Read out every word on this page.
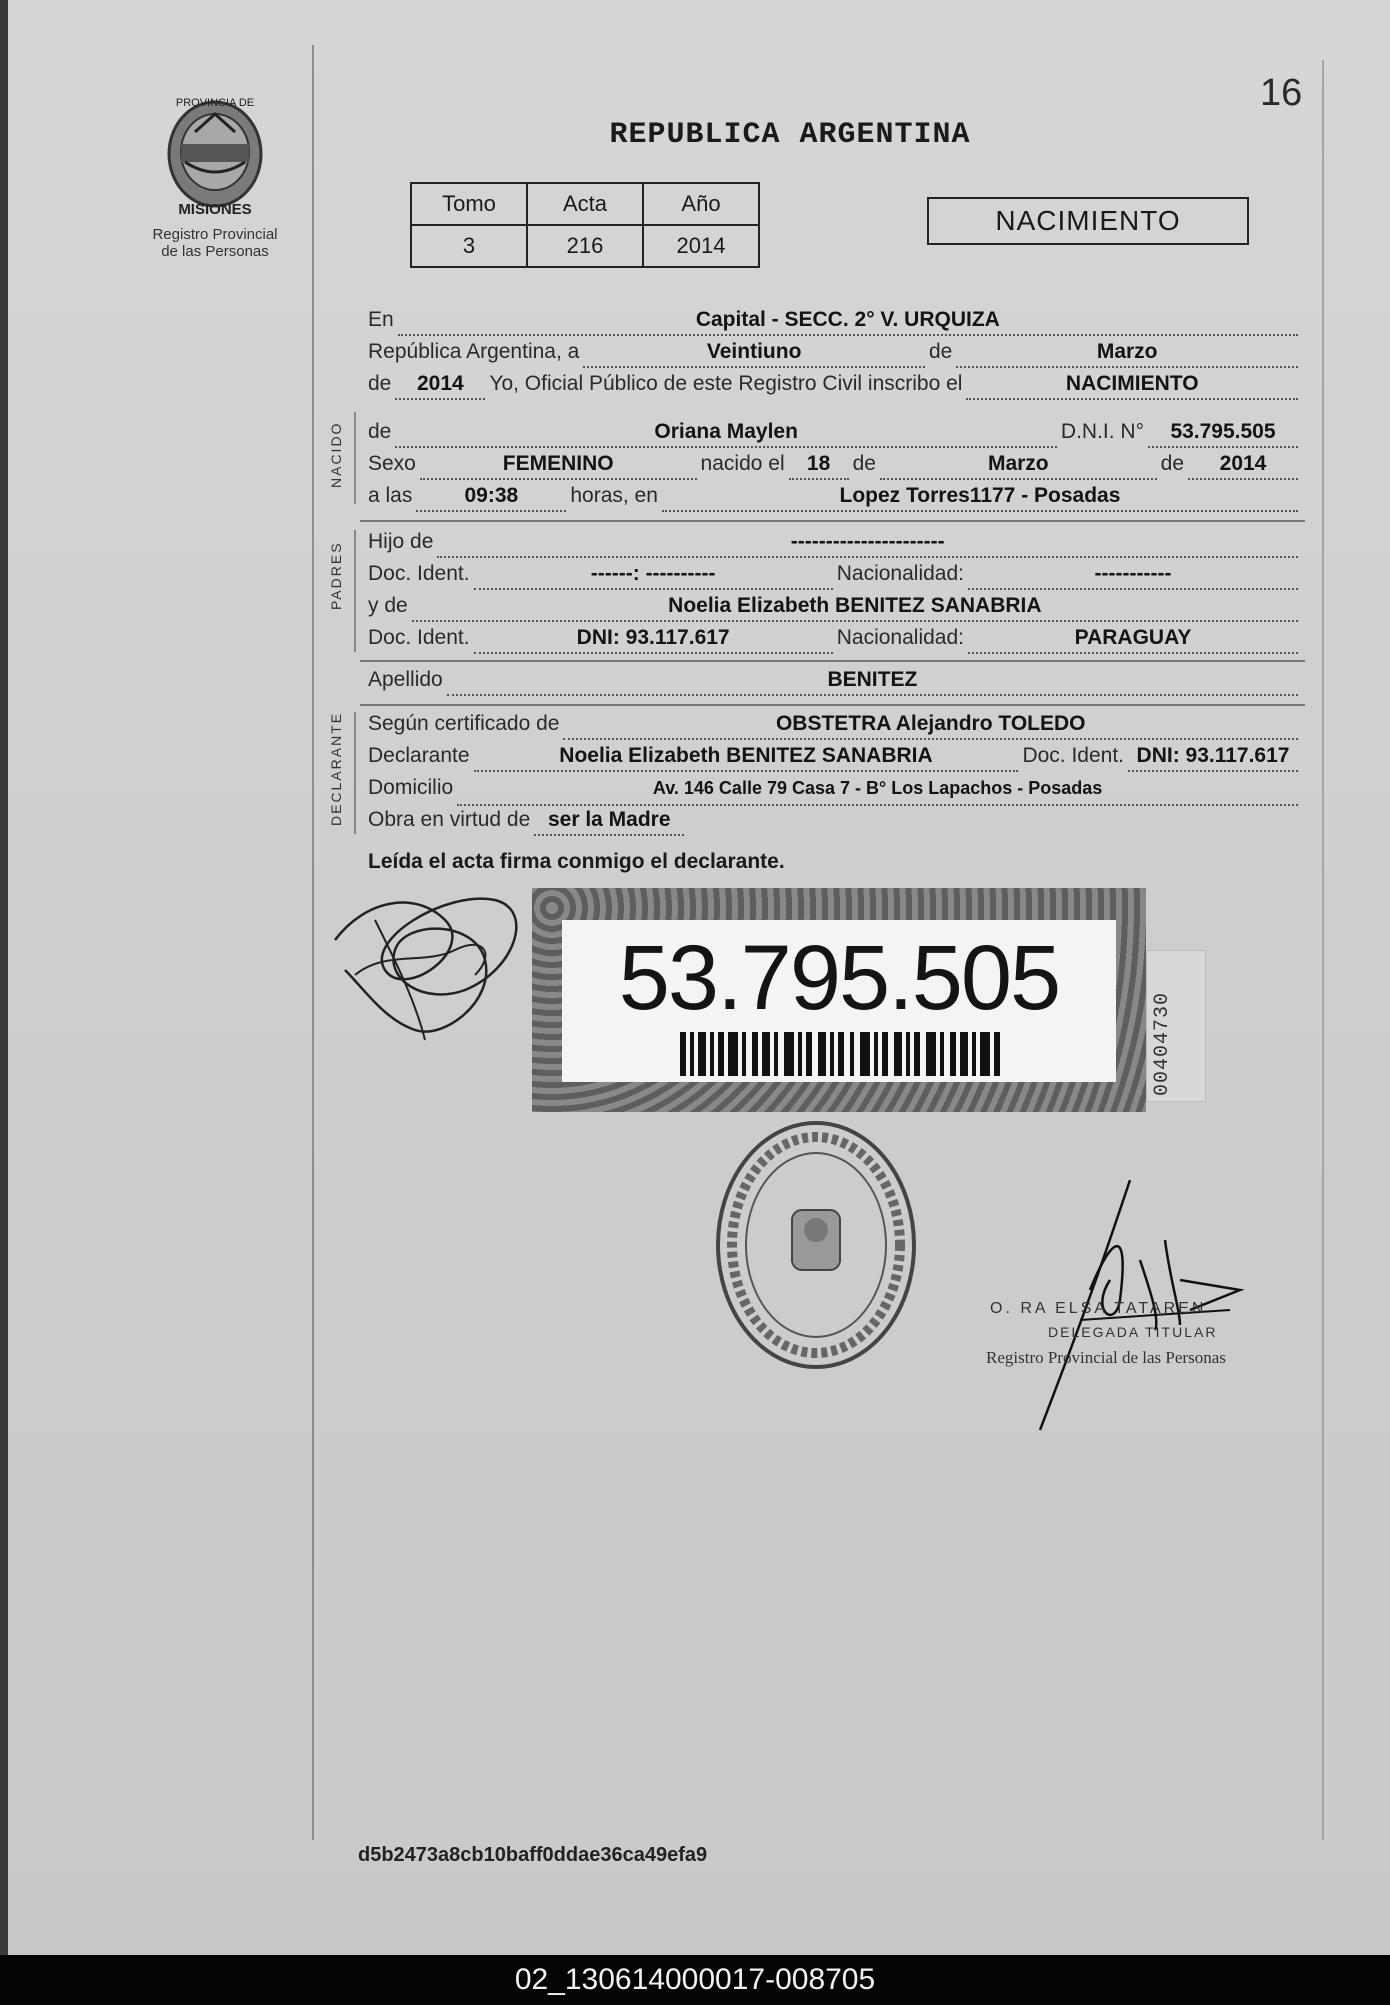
PROVINCIA DE
MISIONES
Registro Provincial
de las Personas
16
REPUBLICA ARGENTINA
Tomo	Acta	Año
3	216	2014
NACIMIENTO
En	Capital - SECC. 2° V. URQUIZA
República Argentina, a	Veintiuno	de	Marzo
de	2014	Yo, Oficial Público de este Registro Civil inscribo el	NACIMIENTO
NACIDO de	Oriana Maylen	D.N.I. N°	53.795.505
Sexo	FEMENINO	nacido el	18	de	Marzo	de	2014
a las	09:38	horas, en	Lopez Torres1177 - Posadas
PADRES Hijo de	----------------------
Doc. Ident.	------: ----------	Nacionalidad:	-----------
y de	Noelia Elizabeth BENITEZ SANABRIA
Doc. Ident.	DNI: 93.117.617	Nacionalidad:	PARAGUAY
Apellido	BENITEZ
DECLARANTE Según certificado de	OBSTETRA Alejandro TOLEDO
Declarante	Noelia Elizabeth BENITEZ SANABRIA	Doc. Ident. DNI: 93.117.617
Domicilio	Av. 146 Calle 79 Casa 7 - B° Los Lapachos - Posadas
Obra en virtud de ser la Madre
Leída el acta firma conmigo el declarante.
53.795.505
00404730
O. RA ELSA TATAREN
DELEGADA TITULAR
Registro Provincial de las Personas
d5b2473a8cb10baff0ddae36ca49efa9
02_130614000017-008705
